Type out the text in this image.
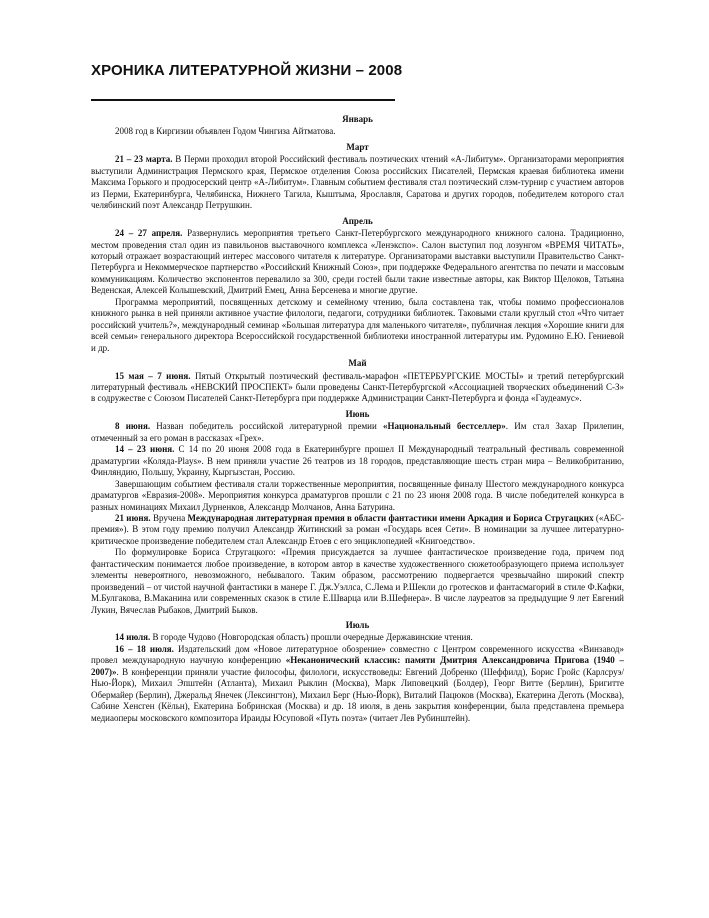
ХРОНИКА ЛИТЕРАТУРНОЙ ЖИЗНИ – 2008
Январь

2008 год в Киргизии объявлен Годом Чингиза Айтматова.

Март

21 – 23 марта. В Перми проходил второй Российский фестиваль поэтических чтений «А-Либитум». Организаторами мероприятия выступили Администрация Пермского края, Пермское отделения Союза российских Писателей, Пермская краевая библиотека имени Максима Горького и продюсерский центр «А-Либитум». Главным событием фестиваля стал поэтический слэм-турнир с участием авторов из Перми, Екатеринбурга, Челябинска, Нижнего Тагила, Кыштыма, Ярославля, Саратова и других городов, победителем которого стал челябинский поэт Александр Петрушкин.

Апрель

24 – 27 апреля. Развернулись мероприятия третьего Санкт-Петербургского международного книжного салона. Традиционно, местом проведения стал один из павильонов выставочного комплекса «Ленэкспо». Салон выступил под лозунгом «ВРЕМЯ ЧИТАТЬ», который отражает возрастающий интерес массового читателя к литературе. Организаторами выставки выступили Правительство Санкт-Петербурга и Некоммерческое партнерство «Российский Книжный Союз», при поддержке Федерального агентства по печати и массовым коммуникациям. Количество экспонентов перевалило за 300, среди гостей были такие известные авторы, как Виктор Щелоков, Татьяна Веденская, Алексей Колышевский, Дмитрий Емец, Анна Берсенева и многие другие.

Программа мероприятий, посвященных детскому и семейному чтению, была составлена так, чтобы помимо профессионалов книжного рынка в ней приняли активное участие филологи, педагоги, сотрудники библиотек. Таковыми стали круглый стол «Что читает российский учитель?», международный семинар «Большая литература для маленького читателя», публичная лекция «Хорошие книги для всей семьи» генерального директора Всероссийской государственной библиотеки иностранной литературы им. Рудомино Е.Ю. Гениевой и др.

Май

15 мая – 7 июня. Пятый Открытый поэтический фестиваль-марафон «ПЕТЕРБУРГСКИЕ МОСТЫ» и третий петербургский литературный фестиваль «НЕВСКИЙ ПРОСПЕКТ» были проведены Санкт-Петербургской «Ассоциацией творческих объединений С-З» в содружестве с Союзом Писателей Санкт-Петербурга при поддержке Администрации Санкт-Петербурга и фонда «Гаудеамус».

Июнь

8 июня. Назван победитель российской литературной премии «Национальный бестселлер». Им стал Захар Прилепин, отмеченный за его роман в рассказах «Грех».

14 – 23 июня. С 14 по 20 июня 2008 года в Екатеринбурге прошел II Международный театральный фестиваль современной драматургии «Коляда-Plays». В нем приняли участие 26 театров из 18 городов, представляющие шесть стран мира – Великобританию, Финляндию, Польшу, Украину, Кыргызстан, Россию.

Завершающим событием фестиваля стали торжественные мероприятия, посвященные финалу Шестого международного конкурса драматургов «Евразия-2008». Мероприятия конкурса драматургов прошли с 21 по 23 июня 2008 года. В числе победителей конкурса в разных номинациях Михаил Дурненков, Александр Молчанов, Анна Батурина.

21 июня. Вручена Международная литературная премия в области фантастики имени Аркадия и Бориса Стругацких («АБС-премия»). В этом году премию получил Александр Житинский за роман «Государь всея Сети». В номинации за лучшее литературно-критическое произведение победителем стал Александр Етоев с его энциклопедией «Книгоедство».

По формулировке Бориса Стругацкого: «Премия присуждается за лучшее фантастическое произведение года, причем под фантастическим понимается любое произведение, в котором автор в качестве художественного сюжетообразующего приема использует элементы невероятного, невозможного, небывалого. Таким образом, рассмотрению подвергается чрезвычайно широкий спектр произведений – от чистой научной фантастики в манере Г. Дж.Уэллса, С.Лема и Р.Шекли до гротесков и фантасмагорий в стиле Ф.Кафки, М.Булгакова, В.Маканина или современных сказок в стиле Е.Шварца или В.Шефнера». В числе лауреатов за предыдущие 9 лет Евгений Лукин, Вячеслав Рыбаков, Дмитрий Быков.

Июль

14 июля. В городе Чудово (Новгородская область) прошли очередные Державинские чтения.

16 – 18 июля. Издательский дом «Новое литературное обозрение» совместно с Центром современного искусства «Винзавод» провел международную научную конференцию «Неканонический классик: памяти Дмитрия Александровича Пригова (1940 – 2007)». В конференции приняли участие философы, филологи, искусствоведы: Евгений Добренко (Шеффилд), Борис Гройс (Карлсруэ/Нью-Йорк), Михаил Эпштейн (Атланта), Михаил Рыклин (Москва), Марк Липовецкий (Болдер), Георг Витте (Берлин), Бригитте Обермайер (Берлин), Джеральд Янечек (Лексингтон), Михаил Берг (Нью-Йорк), Виталий Пацюков (Москва), Екатерина Деготь (Москва), Сабине Хенсген (Кёльн), Екатерина Бобринская (Москва) и др. 18 июля, в день закрытия конференции, была представлена премьера медиаоперы московского композитора Ираиды Юсуповой «Путь поэта» (читает Лев Рубинштейн).
